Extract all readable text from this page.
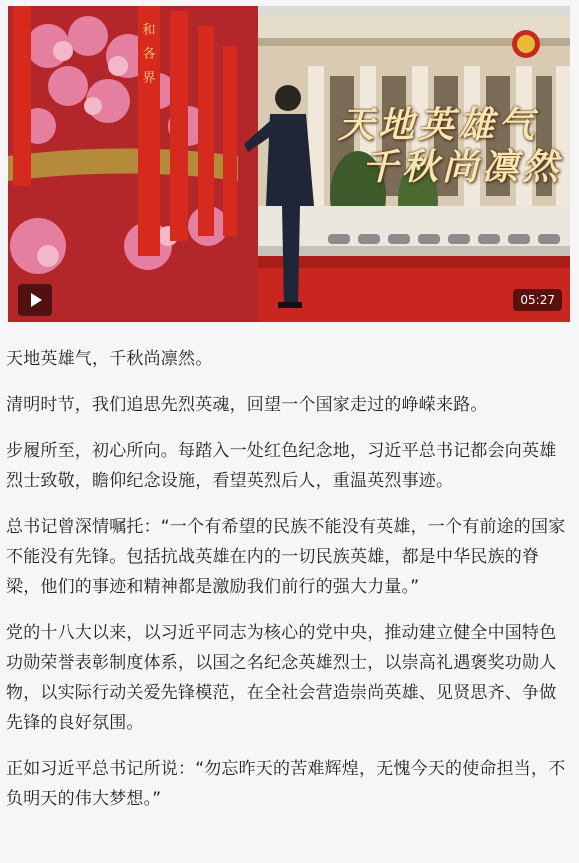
和
各
界
天地英雄气
千秋尚凛然
05:27

天地英雄气，千秋尚凛然。

清明时节，我们追思先烈英魂，回望一个国家走过的峥嵘来路。

步履所至，初心所向。每踏入一处红色纪念地，习近平总书记都会向英雄烈士致敬，瞻仰纪念设施，看望英烈后人，重温英烈事迹。

总书记曾深情嘱托：“一个有希望的民族不能没有英雄，一个有前途的国家不能没有先锋。包括抗战英雄在内的一切民族英雄，都是中华民族的脊梁，他们的事迹和精神都是激励我们前行的强大力量。”

党的十八大以来，以习近平同志为核心的党中央，推动建立健全中国特色功勋荣誉表彰制度体系，以国之名纪念英雄烈士，以崇高礼遇褒奖功勋人物，以实际行动关爱先锋模范，在全社会营造崇尚英雄、见贤思齐、争做先锋的良好氛围。

正如习近平总书记所说：“勿忘昨天的苦难辉煌，无愧今天的使命担当，不负明天的伟大梦想。”
